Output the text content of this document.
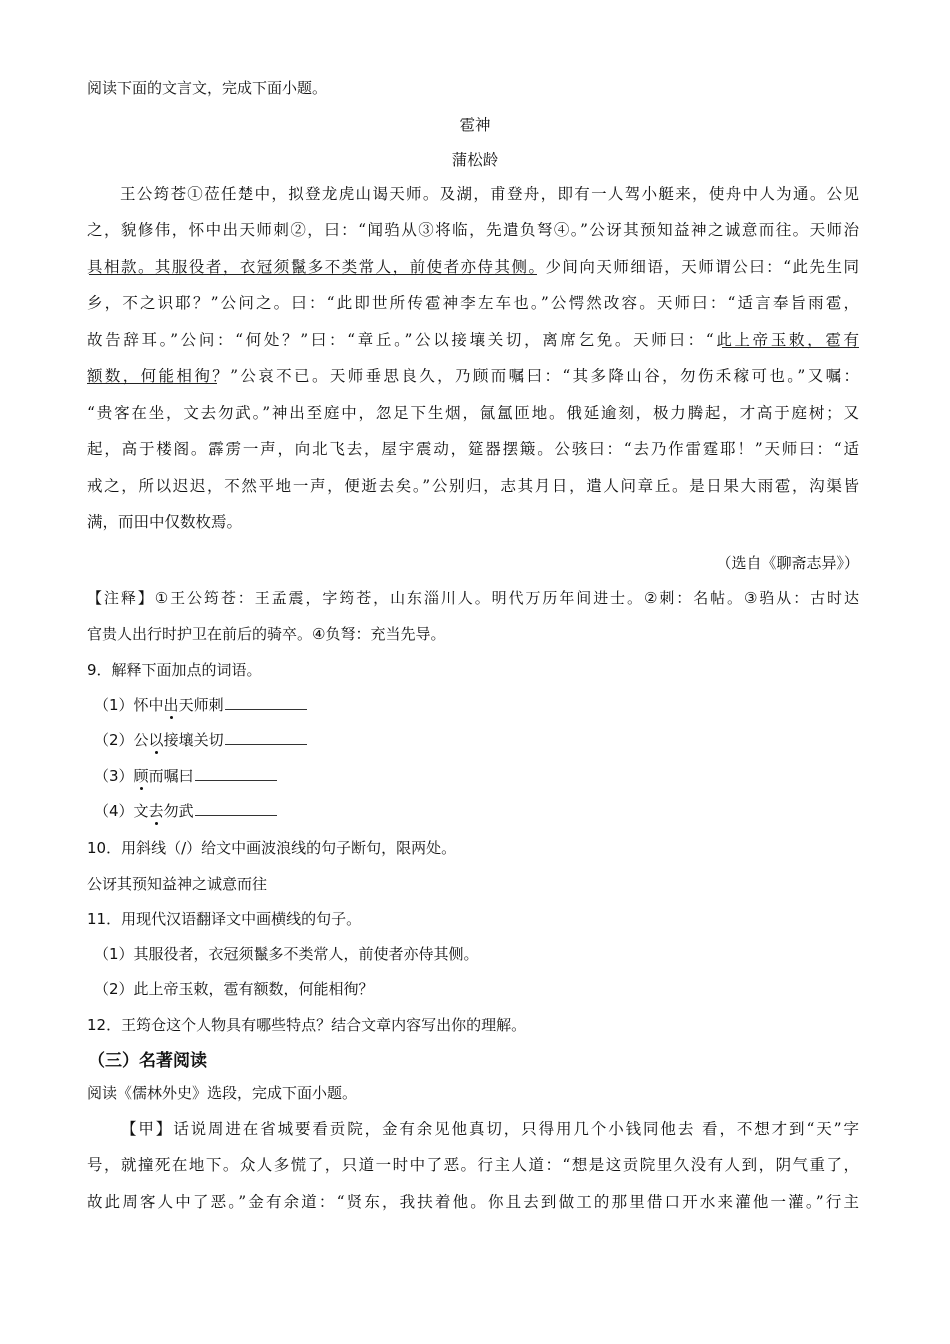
阅读下面的文言文，完成下面小题。

雹神

蒲松龄

王公筠苍①莅任楚中，拟登龙虎山谒天师。及湖，甫登舟，即有一人驾小艇来，使舟中人为通。公见

之，貌修伟，怀中出天师刺②，曰：“闻驺从③将临，先遣负弩④。”公讶其预知益神之诚意而往。天师治

具相款。其服役者，衣冠须鬣多不类常人，前使者亦侍其侧。少间向天师细语，天师谓公曰：“此先生同

乡，不之识耶？”公问之。曰：“此即世所传雹神李左车也。”公愕然改容。天师曰：“适言奉旨雨雹，

故告辞耳。”公问：“何处？”曰：“章丘。”公以接壤关切，离席乞免。天师曰：“此上帝玉敕，雹有

额数，何能相徇？”公哀不已。天师垂思良久，乃顾而嘱曰：“其多降山谷，勿伤禾稼可也。”又嘱：

“贵客在坐，文去勿武。”神出至庭中，忽足下生烟，氤氲匝地。俄延逾刻，极力腾起，才高于庭树；又

起，高于楼阁。霹雳一声，向北飞去，屋宇震动，筵器摆簸。公骇曰：“去乃作雷霆耶！”天师曰：“适

戒之，所以迟迟，不然平地一声，便逝去矣。”公别归，志其月日，遣人问章丘。是日果大雨雹，沟渠皆

满，而田中仅数枚焉。

（选自《聊斋志异》）

【注释】①王公筠苍：王孟震，字筠苍，山东淄川人。明代万历年间进士。②刺：名帖。③驺从：古时达

官贵人出行时护卫在前后的骑卒。④负弩：充当先导。

9．解释下面加点的词语。

（1）怀中出天师刺

（2）公以接壤关切

（3）顾而嘱曰

（4）文去勿武

10．用斜线（/）给文中画波浪线的句子断句，限两处。

公讶其预知益神之诚意而往

11．用现代汉语翻译文中画横线的句子。

（1）其服役者，衣冠须鬣多不类常人，前使者亦侍其侧。

（2）此上帝玉敕，雹有额数，何能相徇？

12．王筠仓这个人物具有哪些特点？结合文章内容写出你的理解。

（三）名著阅读

阅读《儒林外史》选段，完成下面小题。

【甲】话说周进在省城要看贡院，金有余见他真切，只得用几个小钱同他去 看，不想才到“天”字

号，就撞死在地下。众人多慌了，只道一时中了恶。行主人道：“想是这贡院里久没有人到，阴气重了，

故此周客人中了恶。”金有余道：“贤东，我扶着他。你且去到做工的那里借口开水来灌他一灌。”行主
